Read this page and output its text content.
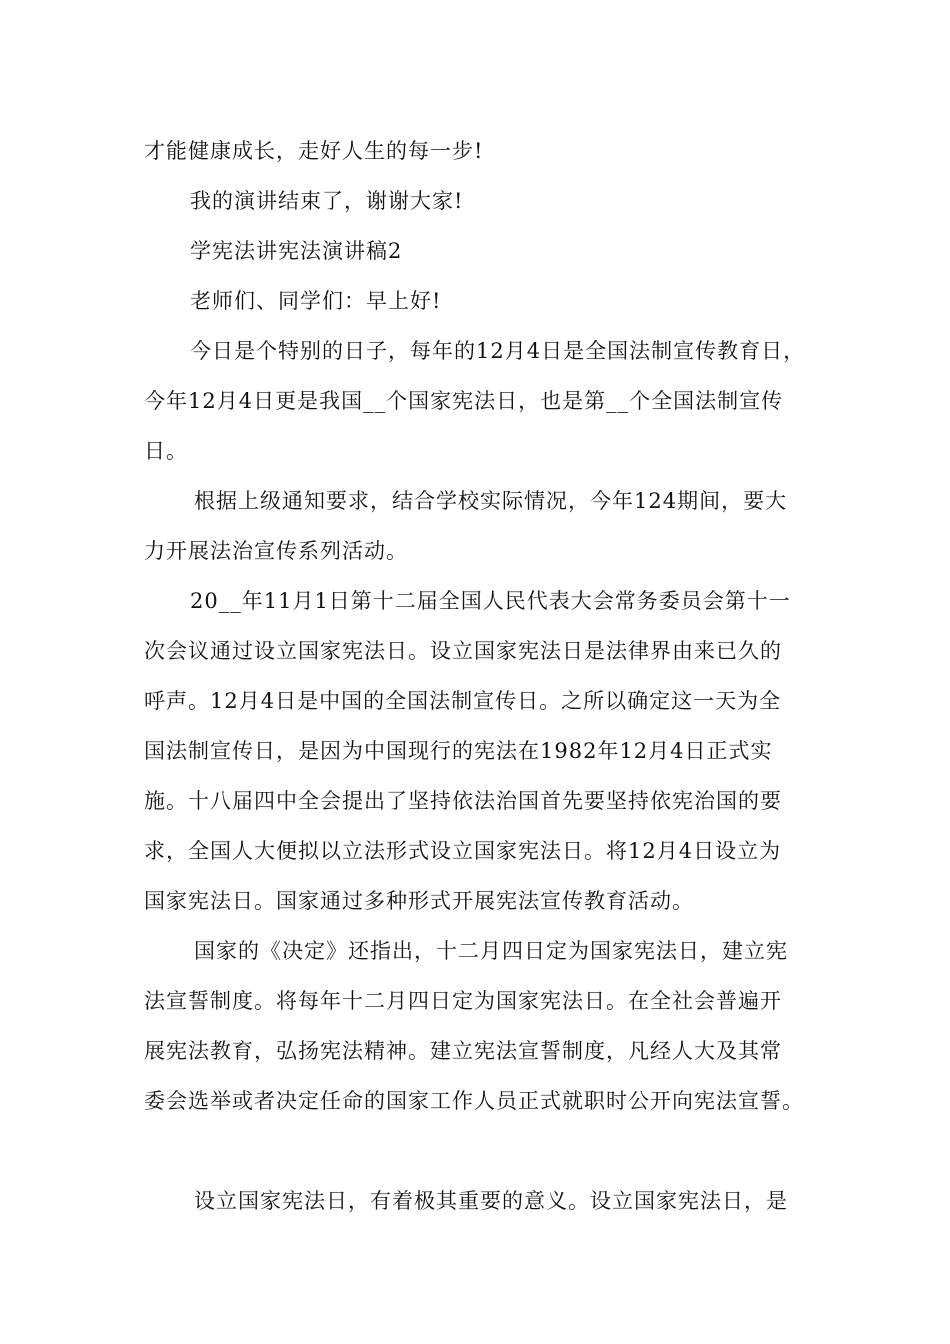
才能健康成长，走好人生的每一步!
我的演讲结束了，谢谢大家!
学宪法讲宪法演讲稿2
老师们、同学们：早上好!
今日是个特别的日子，每年的12月4日是全国法制宣传教育日，
今年12月4日更是我国__个国家宪法日，也是第__个全国法制宣传
日。
根据上级通知要求，结合学校实际情况，今年124期间，要大
力开展法治宣传系列活动。
20__年11月1日第十二届全国人民代表大会常务委员会第十一
次会议通过设立国家宪法日。设立国家宪法日是法律界由来已久的
呼声。12月4日是中国的全国法制宣传日。之所以确定这一天为全
国法制宣传日，是因为中国现行的宪法在1982年12月4日正式实
施。十八届四中全会提出了坚持依法治国首先要坚持依宪治国的要
求，全国人大便拟以立法形式设立国家宪法日。将12月4日设立为
国家宪法日。国家通过多种形式开展宪法宣传教育活动。
国家的《决定》还指出，十二月四日定为国家宪法日，建立宪
法宣誓制度。将每年十二月四日定为国家宪法日。在全社会普遍开
展宪法教育，弘扬宪法精神。建立宪法宣誓制度，凡经人大及其常
委会选举或者决定任命的国家工作人员正式就职时公开向宪法宣誓。
设立国家宪法日，有着极其重要的意义。设立国家宪法日，是
